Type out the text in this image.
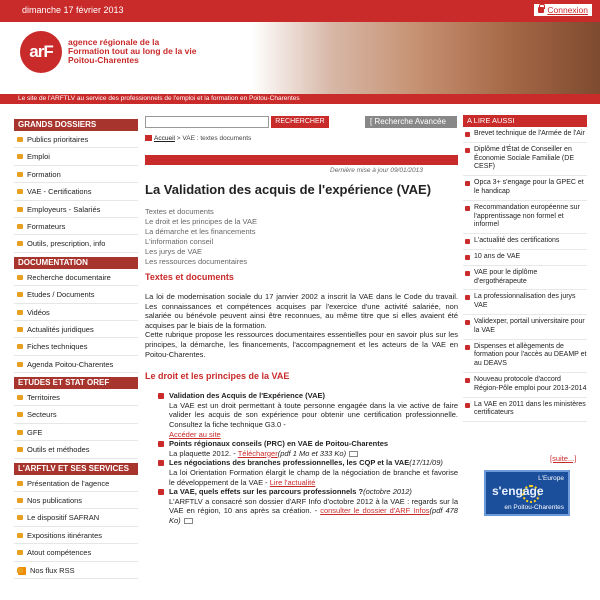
dimanche 17 février 2013	Connexion
arF	agence régionale de la Formation tout au long de la vie Poitou-Charentes
Le site de l'ARFTLV au service des professionnels de l'emploi et la formation en Poitou-Charentes
GRANDS DOSSIERS
Publics prioritaires
Emploi
Formation
VAE - Certifications
Employeurs - Salariés
Formateurs
Outils, prescription, info
DOCUMENTATION
Recherche documentaire
Etudes / Documents
Vidéos
Actualités juridiques
Fiches techniques
Agenda Poitou-Charentes
ETUDES ET STAT OREF
Territoires
Secteurs
GFE
Outils et méthodes
L'ARFTLV ET SES SERVICES
Présentation de l'agence
Nos publications
Le dispositif SAFRAN
Expositions itinérantes
Atout compétences
Nos flux RSS
RECHERCHER	[ Recherche Avancée
Accueil > VAE : textes documents
Dernière mise à jour 09/01/2013
La Validation des acquis de l'expérience (VAE)
Textes et documents
Le droit et les principes de la VAE
La démarche et les financements
L'information conseil
Les jurys de VAE
Les ressources documentaires
Textes et documents
La loi de modernisation sociale du 17 janvier 2002 a inscrit la VAE dans le Code du travail. Les connaissances et compétences acquises par l'exercice d'une activité salariée, non salariée ou bénévole peuvent ainsi être reconnues, au même titre que si elles avaient été acquises par le biais de la formation.
Cette rubrique propose les ressources documentaires essentielles pour en savoir plus sur les principes, la démarche, les financements, l'accompagnement et les acteurs de la VAE en Poitou-Charentes.
Le droit et les principes de la VAE
Validation des Acquis de l'Expérience (VAE)
La VAE est un droit permettant à toute personne engagée dans la vie active de faire valider les acquis de son expérience pour obtenir une certification professionnelle. Consultez la fiche technique G3.0 -
Accéder au site
Points régionaux conseils (PRC) en VAE de Poitou-Charentes
La plaquette 2012. - Télécharger(pdf 1 Mo et 333 Ko)
Les négociations des branches professionnelles, les CQP et la VAE(17/11/09)
La loi Orientation Formation élargit le champ de la négociation de branche et favorise le développement de la VAE - Lire l'actualité
La VAE, quels effets sur les parcours professionnels ?(octobre 2012)
L'ARFTLV a consacré son dossier d'ARF Info d'octobre 2012 à la VAE : regards sur la VAE en région, 10 ans après sa création. - consulter le dossier d'ARF Infos(pdf 478 Ko)
A LIRE AUSSI
Brevet technique de l'Armée de l'Air
Diplôme d'État de Conseiller en Économie Sociale Familiale (DE CESF)
Opca 3+ s'engage pour la GPEC et le handicap
Recommandation européenne sur l'apprentissage non formel et informel
L'actualité des certifications
10 ans de VAE
VAE pour le diplôme d'ergothérapeute
La professionnalisation des jurys VAE
Validexper, portail universitaire pour la VAE
Dispenses et allègements de formation pour l'accès au DEAMP et au DEAVS
Nouveau protocole d'accord Région-Pôle emploi pour 2013-2014
La VAE en 2011 dans les ministères certificateurs
[suite...]
L'Europe
s'engage
en Poitou-Charentes
